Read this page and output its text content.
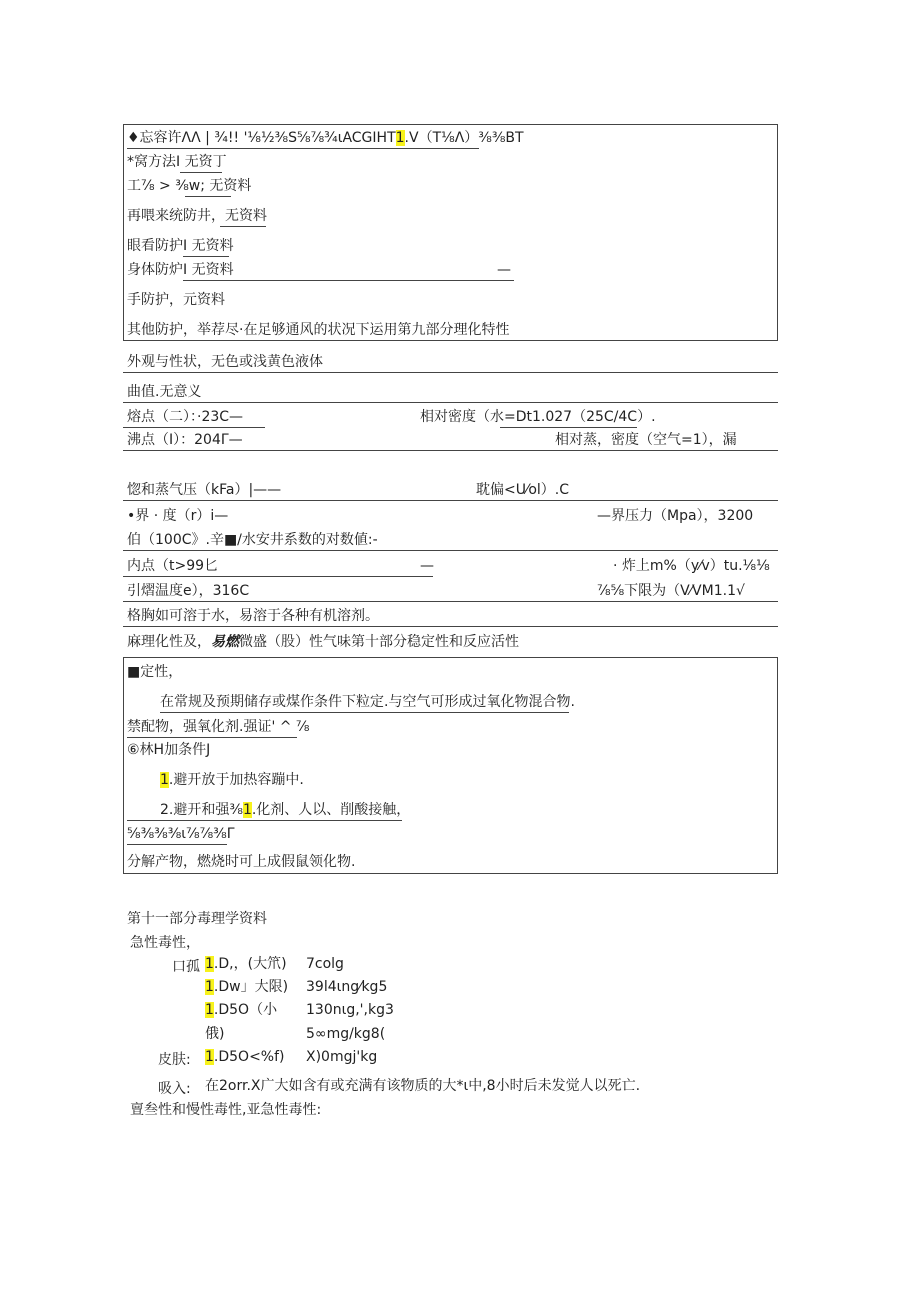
♦忘容许ΛΛ | ¾!! '⅛½⅜S⅝⅞¾ιACGIHT1.V（T⅛Λ）⅜⅜BT
*窝方法I 无资丁
工⅞ > ⅜w; 无资料
再喂来统防井，无资料
眼看防护I 无资料
身体防炉I 无资料	—
手防护，元资料
其他防护，举荐尽·在足够通风的状况下运用第九部分理化特性
外观与性状，无色或浅黄色液体
曲值.无意义
熔点（二）：·23C—	相对密度（水=Dt1.027（25C/4C）.
沸点（I）：204Γ—	相对蒸，密度（空气=1），漏
惚和蒸气压（kFa）|——	耽偏<U⁄ol）.C
•界 · 度（r）i—	—界压力（Mpa），3200
伯（100C》.辛■/水安井系数的对数値:-
内点（t>99匕	—	· 炸上m%（y⁄v）tu.⅛⅛
引熠温度e），316C	⅞⅝下限为（V⁄VM1.1√
格胸如可溶于水，易溶于各种有机溶剂。
麻理化性及，易燃微盛（股）性气味第十部分稳定性和反应活性
■定性，
在常规及预期储存或煤作条件下粒定.与空气可形成过氧化物混合物.
禁配物，强氧化剂.强证' ^ ⅞
⑥林H加条件J
1.避开放于加热容蹦中.
2.避开和强⅜1.化剂、人以、削酸接触，
⅝⅜⅜⅜ι⅞⅞⅜Γ
分解产物，燃烧时可上成假鼠领化物.
第十一部分毒理学资料
急性毒性，
口孤 1.D,，(大笊) 7colg
1.Dw」大限) 39l4ιng⁄kg5
1.D5O（小 130nιg,',kg3
俄)	5∞mg/kg8(
皮肤: 1.D5O<%f) X)0mgj'kg
吸入: 在2orr.X广大如含有或充满有该物质的大*ι中,8小时后未发觉人以死亡.
亶叁性和慢性毒性,亚急性毒性:
